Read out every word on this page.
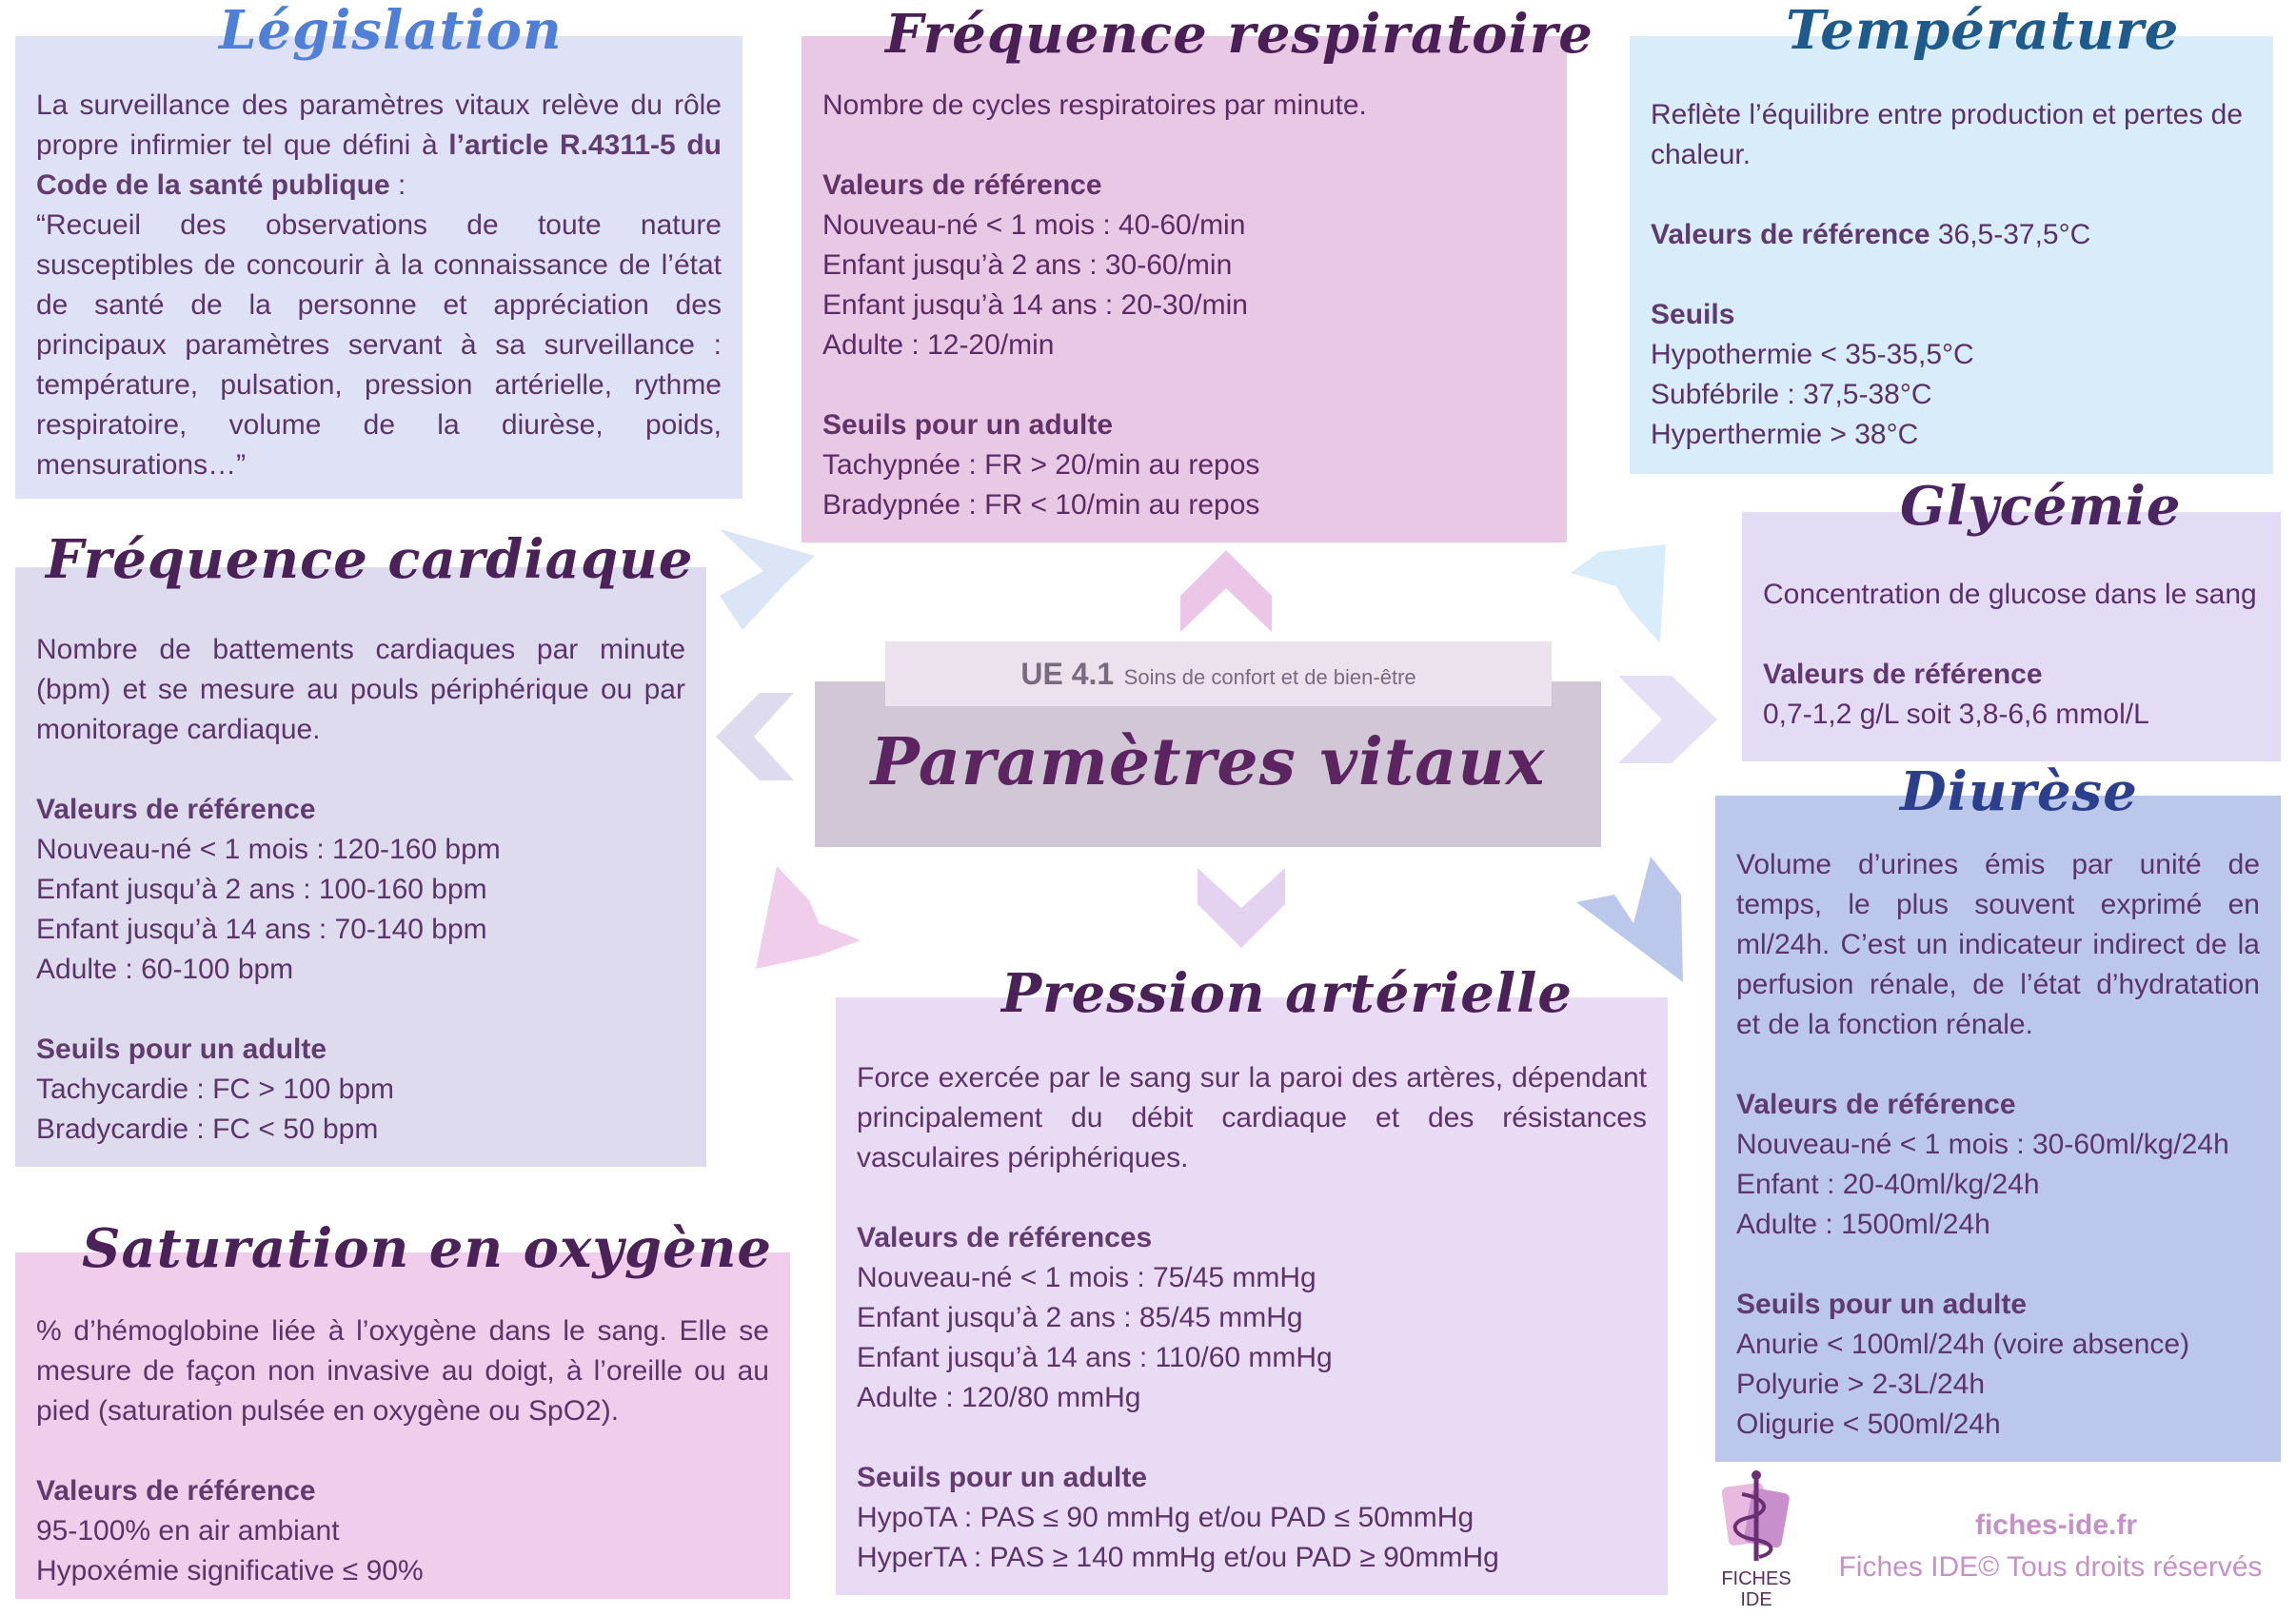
La surveillance des paramètres vitaux relève du rôle propre infirmier tel que défini à l’article R.4311-5 du Code de la santé publique :

“Recueil des observations de toute nature susceptibles de concourir à la connaissance de l’état de santé de la personne et appréciation des principaux paramètres servant à sa surveillance : température, pulsation, pression artérielle, rythme respiratoire, volume de la diurèse, poids, mensurations…”

Législation

Nombre de cycles respiratoires par minute.

Valeurs de référence

Nouveau-né < 1 mois : 40-60/min

Enfant jusqu’à 2 ans : 30-60/min

Enfant jusqu’à 14 ans : 20-30/min

Adulte : 12-20/min

Seuils pour un adulte

Tachypnée : FR > 20/min au repos

Bradypnée : FR < 10/min au repos

Fréquence respiratoire

Reflète l’équilibre entre production et pertes de chaleur.

Valeurs de référence 36,5-37,5°C

Seuils

Hypothermie < 35-35,5°C

Subfébrile : 37,5-38°C

Hyperthermie > 38°C

Température

Concentration de glucose dans le sang

Valeurs de référence

0,7-1,2 g/L soit 3,8-6,6 mmol/L

Glycémie

Nombre de battements cardiaques par minute (bpm) et se mesure au pouls périphérique ou par monitorage cardiaque.

Valeurs de référence

Nouveau-né < 1 mois : 120-160 bpm

Enfant jusqu’à 2 ans : 100-160 bpm

Enfant jusqu’à 14 ans : 70-140 bpm

Adulte : 60-100 bpm

Seuils pour un adulte

Tachycardie : FC > 100 bpm

Bradycardie : FC < 50 bpm

Fréquence cardiaque

Volume d’urines émis par unité de temps, le plus souvent exprimé en ml/24h. C’est un indicateur indirect de la perfusion rénale, de l’état d’hydratation et de la fonction rénale.

Valeurs de référence

Nouveau-né < 1 mois : 30-60ml/kg/24h

Enfant : 20-40ml/kg/24h

Adulte : 1500ml/24h

Seuils pour un adulte

Anurie < 100ml/24h (voire absence)

Polyurie > 2-3L/24h

Oligurie < 500ml/24h

Diurèse

Force exercée par le sang sur la paroi des artères, dépendant principalement du débit cardiaque et des résistances vasculaires périphériques.

Valeurs de références

Nouveau-né < 1 mois : 75/45 mmHg

Enfant jusqu’à 2 ans : 85/45 mmHg

Enfant jusqu’à 14 ans : 110/60 mmHg

Adulte : 120/80 mmHg

Seuils pour un adulte

HypoTA : PAS ≤ 90 mmHg et/ou PAD ≤ 50mmHg

HyperTA : PAS ≥ 140 mmHg et/ou PAD ≥ 90mmHg

Pression artérielle

% d’hémoglobine liée à l’oxygène dans le sang. Elle se mesure de façon non invasive au doigt, à l’oreille ou au pied (saturation pulsée en oxygène ou SpO2).

Valeurs de référence

95-100% en air ambiant

Hypoxémie significative ≤ 90%

Saturation en oxygène
UE 4.1 Soins de confort et de bien-être
Paramètres vitaux
FICHES
IDE
fiches-ide.fr
Fiches IDE© Tous droits réservés
